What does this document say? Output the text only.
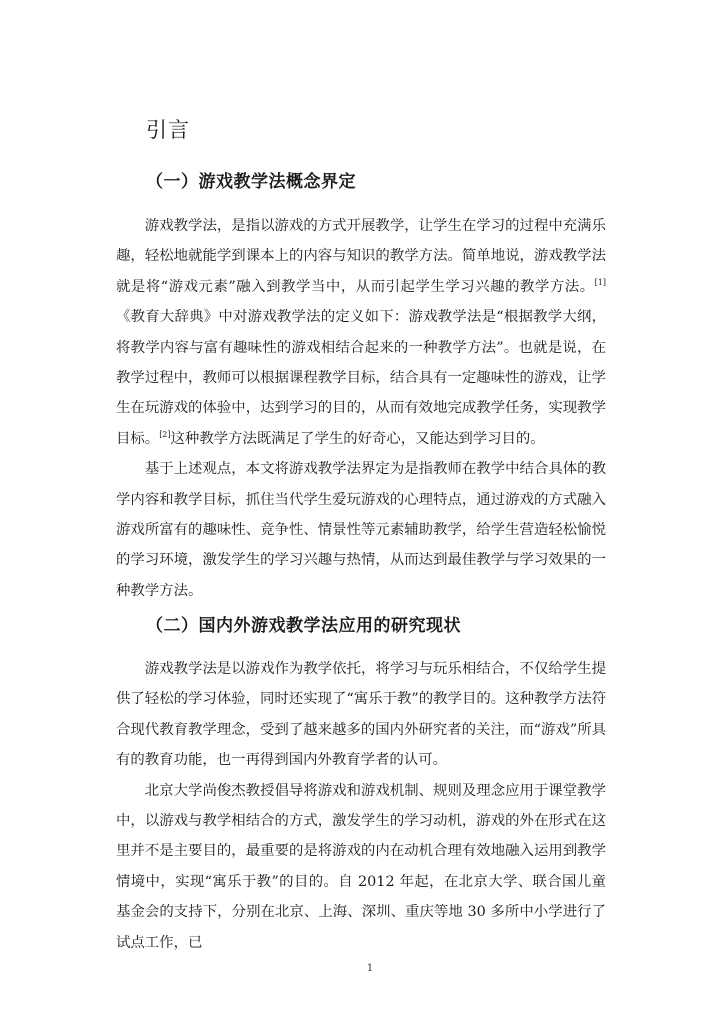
引言
（一）游戏教学法概念界定

游戏教学法，是指以游戏的方式开展教学，让学生在学习的过程中充满乐趣，轻松地就能学到课本上的内容与知识的教学方法。简单地说，游戏教学法就是将“游戏元素”融入到教学当中，从而引起学生学习兴趣的教学方法。[1]《教育大辞典》中对游戏教学法的定义如下：游戏教学法是“根据教学大纲，将教学内容与富有趣味性的游戏相结合起来的一种教学方法”。也就是说，在教学过程中，教师可以根据课程教学目标，结合具有一定趣味性的游戏，让学生在玩游戏的体验中，达到学习的目的，从而有效地完成教学任务，实现教学目标。[2]这种教学方法既满足了学生的好奇心，又能达到学习目的。

基于上述观点，本文将游戏教学法界定为是指教师在教学中结合具体的教学内容和教学目标，抓住当代学生爱玩游戏的心理特点，通过游戏的方式融入游戏所富有的趣味性、竞争性、情景性等元素辅助教学，给学生营造轻松愉悦的学习环境，激发学生的学习兴趣与热情，从而达到最佳教学与学习效果的一种教学方法。

（二）国内外游戏教学法应用的研究现状

游戏教学法是以游戏作为教学依托，将学习与玩乐相结合，不仅给学生提供了轻松的学习体验，同时还实现了“寓乐于教”的教学目的。这种教学方法符合现代教育教学理念，受到了越来越多的国内外研究者的关注，而“游戏”所具有的教育功能，也一再得到国内外教育学者的认可。

北京大学尚俊杰教授倡导将游戏和游戏机制、规则及理念应用于课堂教学中，以游戏与教学相结合的方式，激发学生的学习动机，游戏的外在形式在这里并不是主要目的，最重要的是将游戏的内在动机合理有效地融入运用到教学情境中，实现“寓乐于教”的目的。自 2012 年起，在北京大学、联合国儿童基金会的支持下，分别在北京、上海、深圳、重庆等地 30 多所中小学进行了试点工作，已

1
